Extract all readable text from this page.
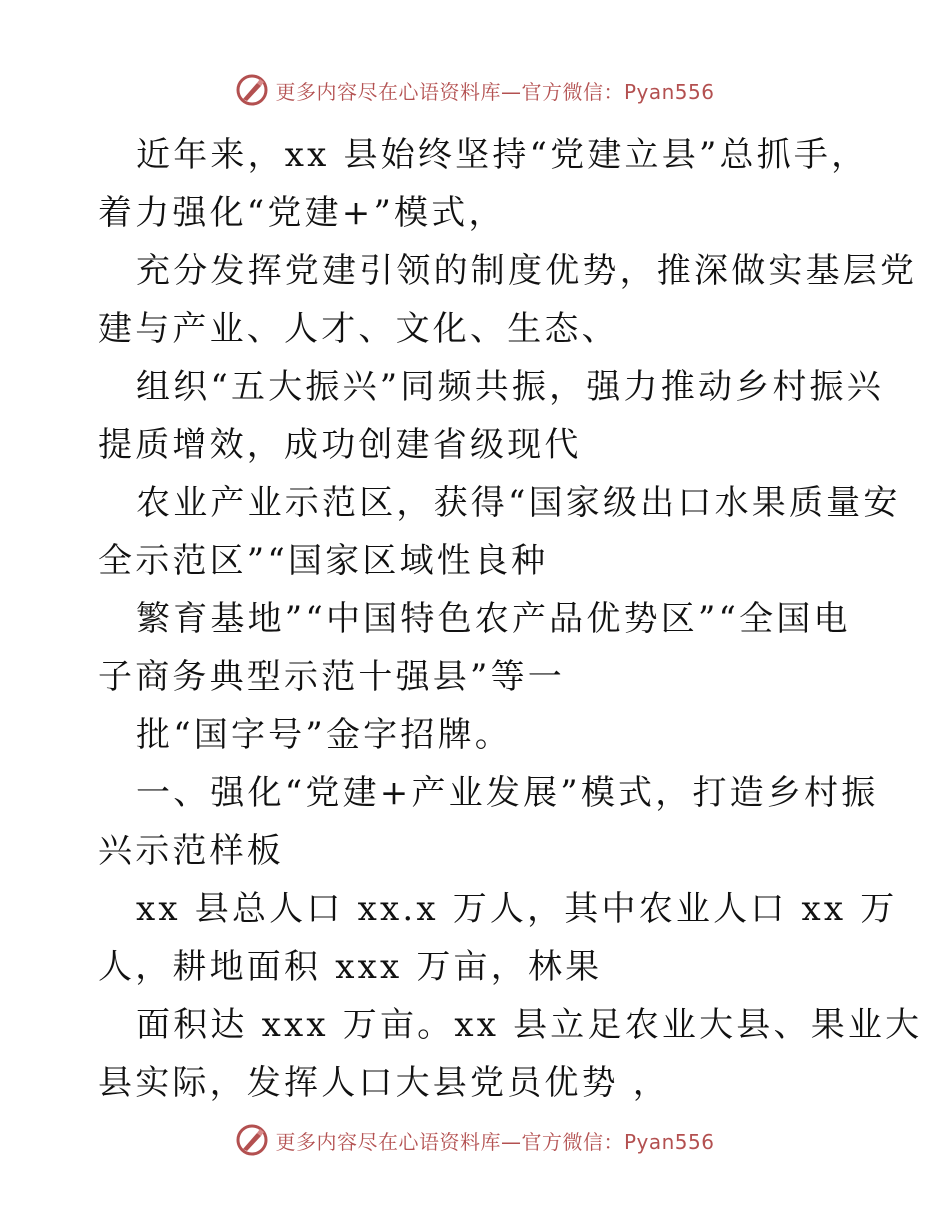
更多内容尽在心语资料库—官方微信：Pyan556

近年来，xx 县始终坚持“党建立县”总抓手，
着力强化“党建+”模式，

充分发挥党建引领的制度优势，推深做实基层党
建与产业、人才、文化、生态、

组织“五大振兴”同频共振，强力推动乡村振兴
提质增效，成功创建省级现代

农业产业示范区，获得“国家级出口水果质量安
全示范区”“国家区域性良种

繁育基地”“中国特色农产品优势区”“全国电
子商务典型示范十强县”等一

批“国字号”金字招牌。

一、强化“党建+产业发展”模式，打造乡村振
兴示范样板

xx 县总人口 xx.x 万人，其中农业人口 xx 万
人，耕地面积 xxx 万亩，林果

面积达 xxx 万亩。xx 县立足农业大县、果业大
县实际，发挥人口大县党员优势 ，

更多内容尽在心语资料库—官方微信：Pyan556
